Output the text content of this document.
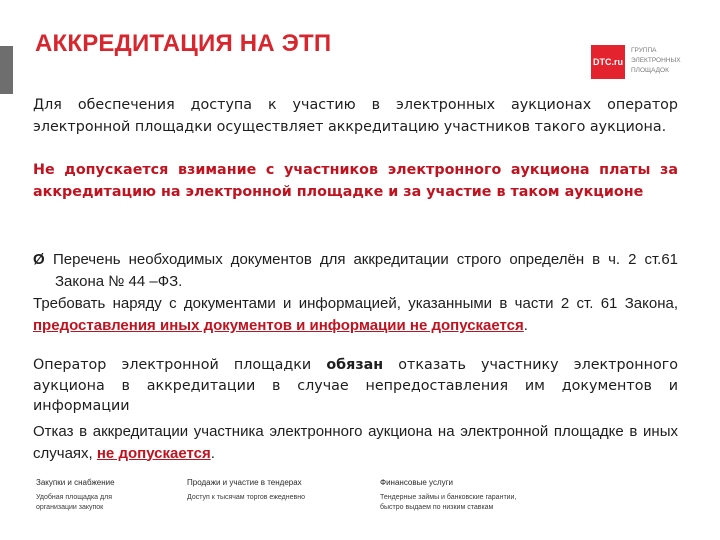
АККРЕДИТАЦИЯ НА ЭТП
DTC.ru
ГРУППА
ЭЛЕКТРОННЫХ
ПЛОЩАДОК
Для обеспечения доступа к участию в электронных аукционах оператор электронной площадки осуществляет аккредитацию участников такого аукциона.
Не допускается взимание с участников электронного аукциона платы за аккредитацию на электронной площадке и за участие в таком аукционе
Ø Перечень необходимых документов для аккредитации строго определён в ч. 2 ст.61 Закона № 44 –ФЗ.
Требовать наряду с документами и информацией, указанными в части 2 ст. 61 Закона, предоставления иных документов и информации не допускается.
Оператор электронной площадки обязан отказать участнику электронного аукциона в аккредитации в случае непредоставления им документов и информации
Отказ в аккредитации участника электронного аукциона на электронной площадке в иных случаях, не допускается.
Закупки и снабжение
Удобная площадка для
организации закупок
Продажи и участие в тендерах
Доступ к тысячам торгов ежедневно
Финансовые услуги
Тендерные займы и банковские гарантии,
быстро выдаем по низким ставкам
